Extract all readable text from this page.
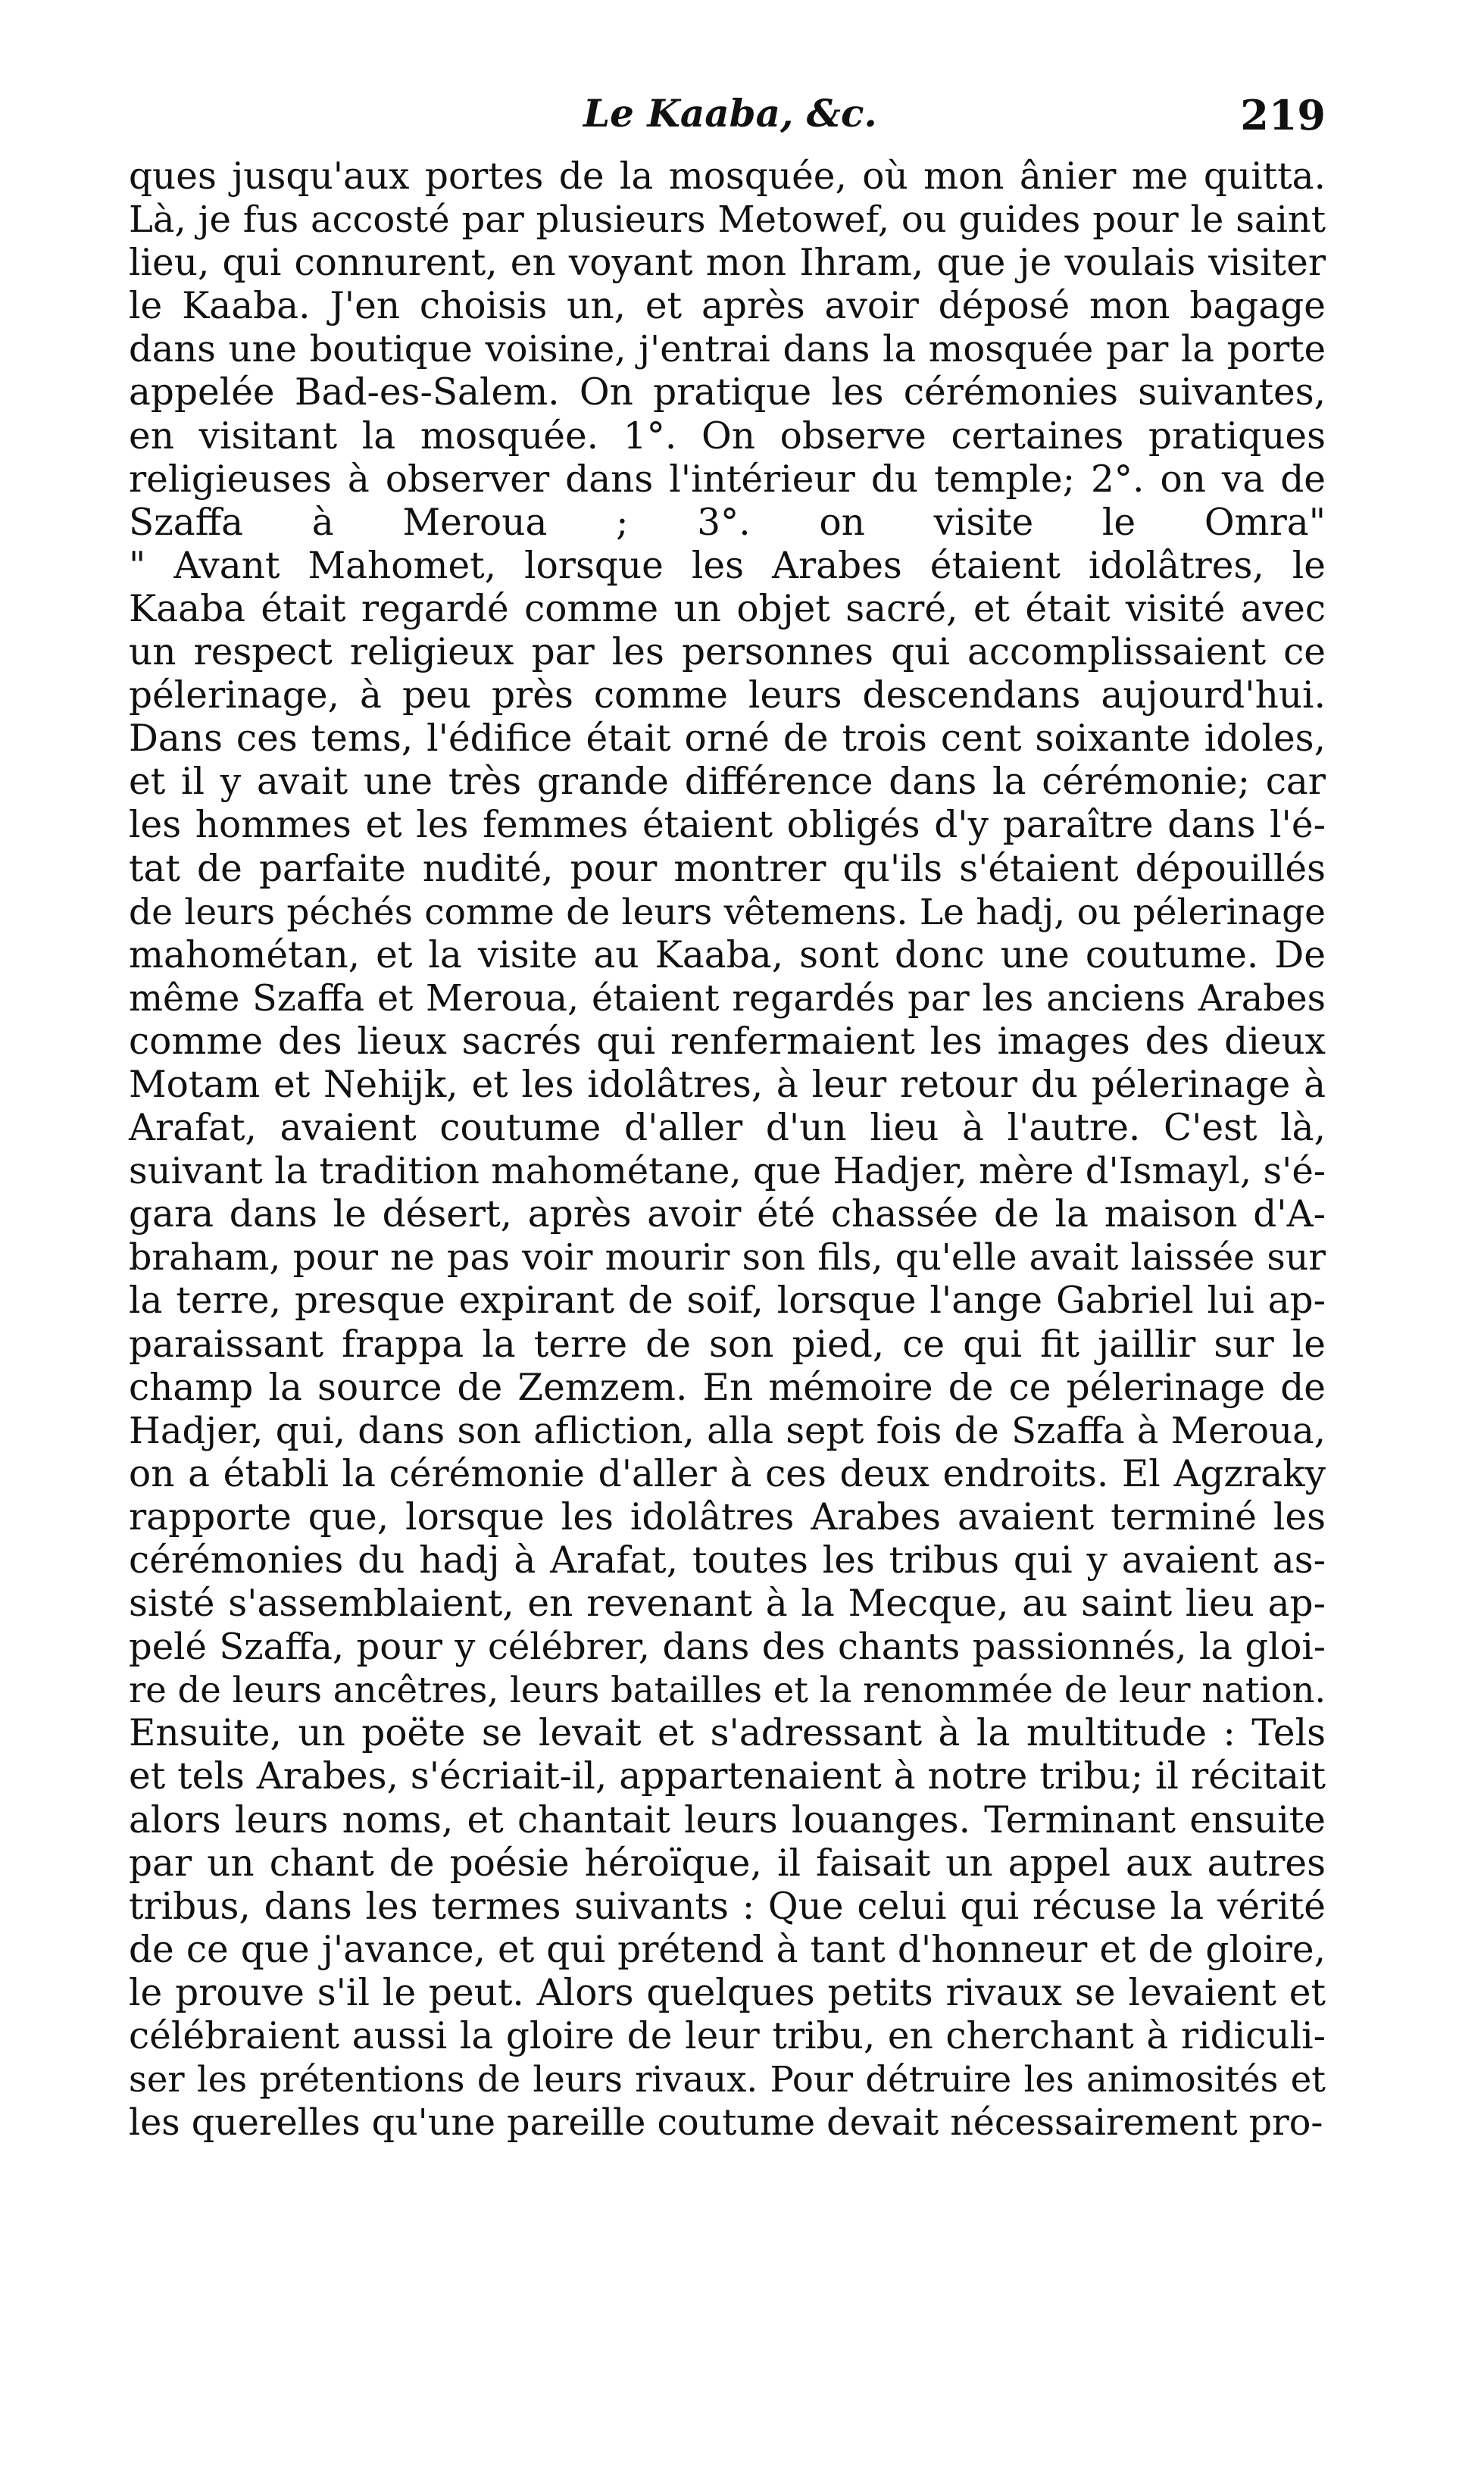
Le Kaaba, &c.	219
ques jusqu'aux portes de la mosquée, où mon ânier me quitta.
Là, je fus accosté par plusieurs Metowef, ou guides pour le saint
lieu, qui connurent, en voyant mon Ihram, que je voulais visiter
le Kaaba. J'en choisis un, et après avoir déposé mon bagage
dans une boutique voisine, j'entrai dans la mosquée par la porte
appelée Bad-es-Salem. On pratique les cérémonies suivantes,
en visitant la mosquée. 1°. On observe certaines pratiques
religieuses à observer dans l'intérieur du temple; 2°. on va de
Szaffa à Meroua ; 3°. on visite le Omra"
" Avant Mahomet, lorsque les Arabes étaient idolâtres, le
Kaaba était regardé comme un objet sacré, et était visité avec
un respect religieux par les personnes qui accomplissaient ce
pélerinage, à peu près comme leurs descendans aujourd'hui.
Dans ces tems, l'édifice était orné de trois cent soixante idoles,
et il y avait une très grande différence dans la cérémonie; car
les hommes et les femmes étaient obligés d'y paraître dans l'é-
tat de parfaite nudité, pour montrer qu'ils s'étaient dépouillés
de leurs péchés comme de leurs vêtemens. Le hadj, ou pélerinage
mahométan, et la visite au Kaaba, sont donc une coutume. De
même Szaffa et Meroua, étaient regardés par les anciens Arabes
comme des lieux sacrés qui renfermaient les images des dieux
Motam et Nehijk, et les idolâtres, à leur retour du pélerinage à
Arafat, avaient coutume d'aller d'un lieu à l'autre. C'est là,
suivant la tradition mahométane, que Hadjer, mère d'Ismayl, s'é-
gara dans le désert, après avoir été chassée de la maison d'A-
braham, pour ne pas voir mourir son fils, qu'elle avait laissée sur
la terre, presque expirant de soif, lorsque l'ange Gabriel lui ap-
paraissant frappa la terre de son pied, ce qui fit jaillir sur le
champ la source de Zemzem. En mémoire de ce pélerinage de
Hadjer, qui, dans son afliction, alla sept fois de Szaffa à Meroua,
on a établi la cérémonie d'aller à ces deux endroits. El Agzraky
rapporte que, lorsque les idolâtres Arabes avaient terminé les
cérémonies du hadj à Arafat, toutes les tribus qui y avaient as-
sisté s'assemblaient, en revenant à la Mecque, au saint lieu ap-
pelé Szaffa, pour y célébrer, dans des chants passionnés, la gloi-
re de leurs ancêtres, leurs batailles et la renommée de leur nation.
Ensuite, un poëte se levait et s'adressant à la multitude : Tels
et tels Arabes, s'écriait-il, appartenaient à notre tribu; il récitait
alors leurs noms, et chantait leurs louanges. Terminant ensuite
par un chant de poésie héroïque, il faisait un appel aux autres
tribus, dans les termes suivants : Que celui qui récuse la vérité
de ce que j'avance, et qui prétend à tant d'honneur et de gloire,
le prouve s'il le peut. Alors quelques petits rivaux se levaient et
célébraient aussi la gloire de leur tribu, en cherchant à ridiculi-
ser les prétentions de leurs rivaux. Pour détruire les animosités et
les querelles qu'une pareille coutume devait nécessairement pro-
